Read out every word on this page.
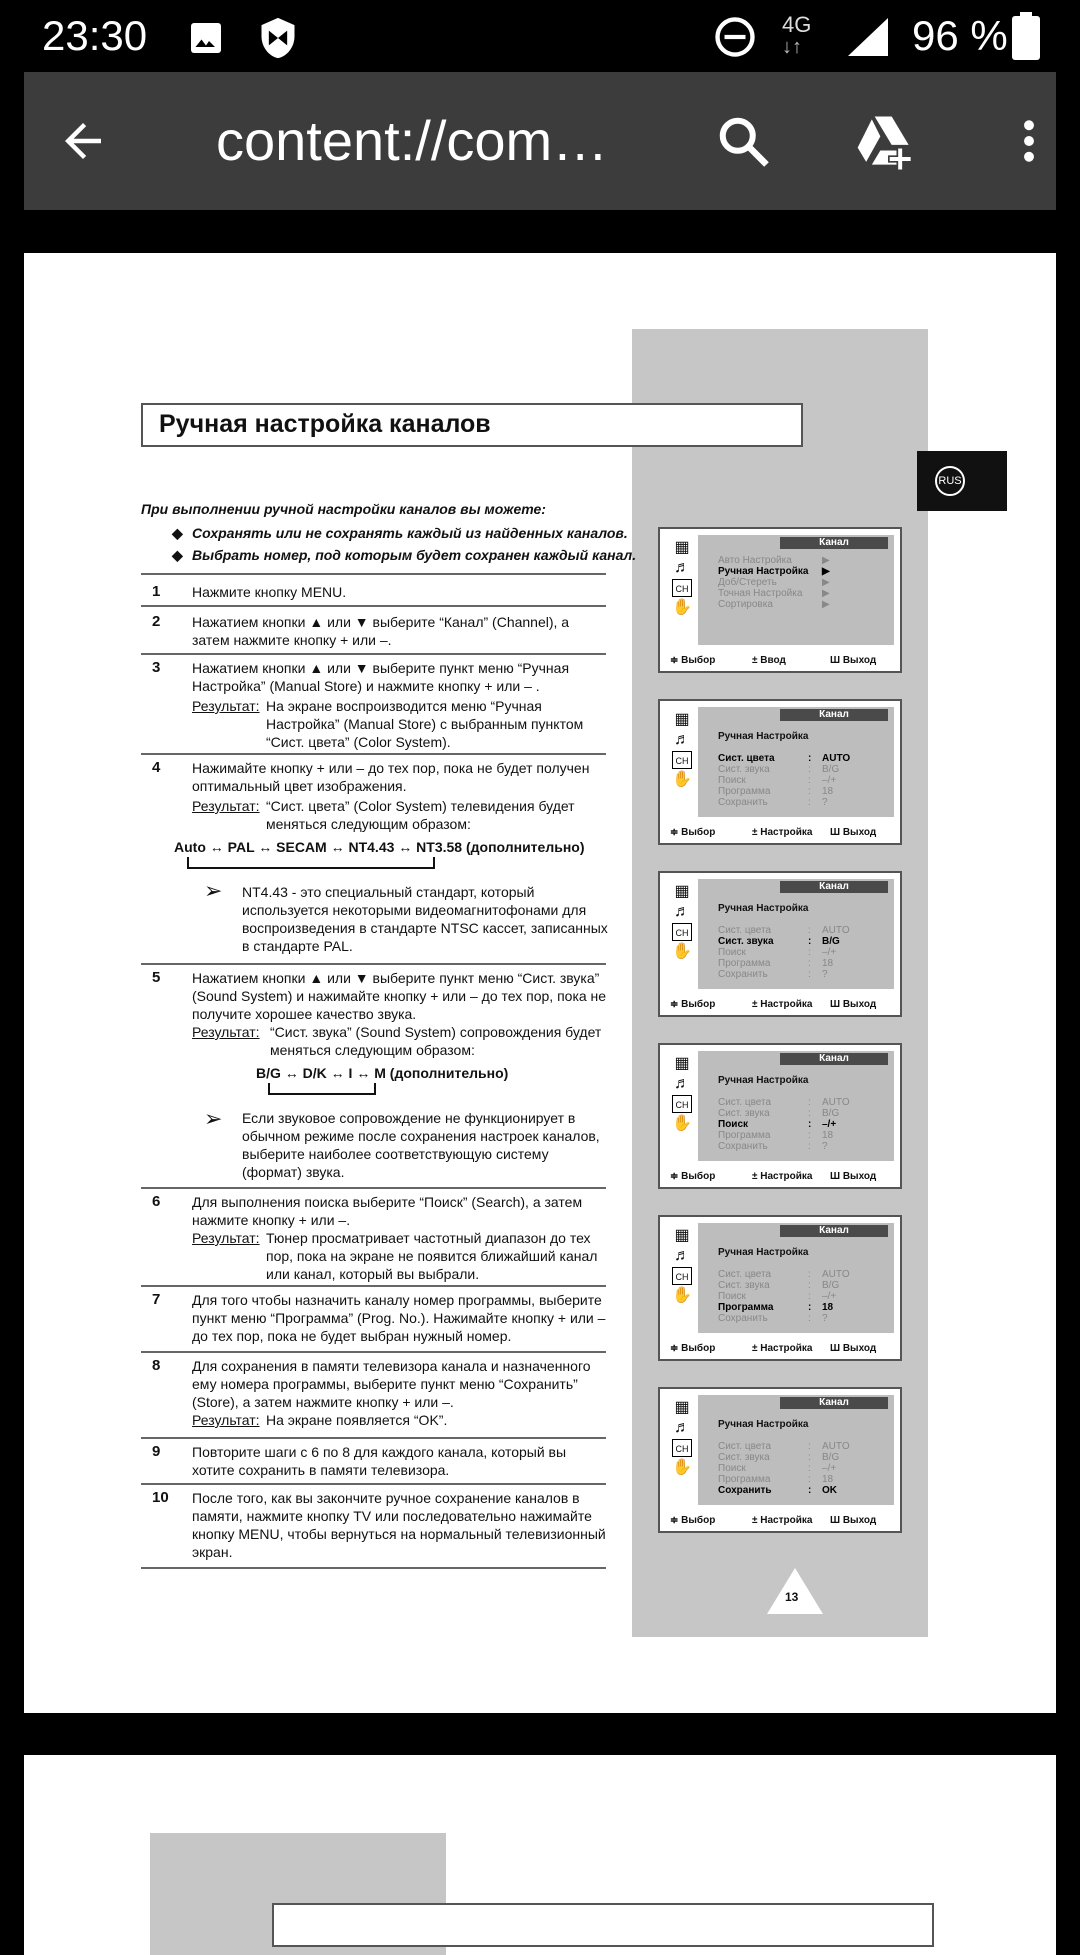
23:30	4G
↓↑	96 %
content://com…
Ручная настройка каналов
RUS
При выполнении ручной настройки каналов вы можете:
◆ Сохранять или не сохранять каждый из найденных каналов.
◆ Выбрать номер, под которым будет сохранен каждый канал.
1 Нажмите кнопку MENU.
2 Нажатием кнопки ▲ или ▼ выберите “Канал” (Channel), а затем нажмите кнопку + или –.
3 Нажатием кнопки ▲ или ▼ выберите пункт меню “Ручная Настройка” (Manual Store) и нажмите кнопку + или – .
Результат: На экране воспроизводится меню “Ручная Настройка” (Manual Store) с выбранным пунктом “Сист. цвета” (Color System).
4 Нажимайте кнопку + или – до тех пор, пока не будет получен оптимальный цвет изображения.
Результат: “Сист. цвета” (Color System) телевидения будет меняться следующим образом:
Auto ↔ PAL ↔ SECAM ↔ NT4.43 ↔ NT3.58 (дополнительно)
➢ NT4.43 - это специальный стандарт, который используется некоторыми видеомагнитофонами для воспроизведения в стандарте NTSC кассет, записанных в стандарте PAL.
5 Нажатием кнопки ▲ или ▼ выберите пункт меню “Сист. звука” (Sound System) и нажимайте кнопку + или – до тех пор, пока не получите хорошее качество звука.
Результат: “Сист. звука” (Sound System) сопровождения будет меняться следующим образом:
B/G ↔ D/K ↔ I ↔ M (дополнительно)
➢ Если звуковое сопровождение не функционирует в обычном режиме после сохранения настроек каналов, выберите наиболее соответствующую систему (формат) звука.
6 Для выполнения поиска выберите “Поиск” (Search), а затем нажмите кнопку + или –.
Результат: Тюнер просматривает частотный диапазон до тех пор, пока на экране не появится ближайший канал или канал, который вы выбрали.
7 Для того чтобы назначить каналу номер программы, выберите пункт меню “Программа” (Prog. No.). Нажимайте кнопку + или – до тех пор, пока не будет выбран нужный номер.
8 Для сохранения в памяти телевизора канала и назначенного ему номера программы, выберите пункт меню “Сохранить” (Store), а затем нажмите кнопку + или –.
Результат: На экране появляется “OK”.
9 Повторите шаги с 6 по 8 для каждого канала, который вы хотите сохранить в памяти телевизора.
10 После того, как вы закончите ручное сохранение каналов в памяти, нажмите кнопку TV или последовательно нажимайте кнопку MENU, чтобы вернуться на нормальный телевизионный экран.
13
Канал
Авто Настройка	▶
Ручная Настройка ▶
Доб/Стереть	▶
Точная Настройка ▶
Сортировка	▶
▦
♬
CH
✋
≑ Выбор	± Ввод	Ш Выход
Канал
Ручная Настройка
Сист. цвета	: AUTO
Сист. звука	: B/G
Поиск	: –/+
Программа	: 18
Сохранить	: ?
▦
♬
CH
✋
≑ Выбор	± Настройка Ш Выход
Канал
Ручная Настройка
Сист. цвета	: AUTO
Сист. звука	: B/G
Поиск	: –/+
Программа	: 18
Сохранить	: ?
▦
♬
CH
✋
≑ Выбор	± Настройка Ш Выход
Канал
Ручная Настройка
Сист. цвета	: AUTO
Сист. звука	: B/G
Поиск	: –/+
Программа	: 18
Сохранить	: ?
▦
♬
CH
✋
≑ Выбор	± Настройка Ш Выход
Канал
Ручная Настройка
Сист. цвета	: AUTO
Сист. звука	: B/G
Поиск	: –/+
Программа	: 18
Сохранить	: ?
▦
♬
CH
✋
≑ Выбор	± Настройка Ш Выход
Канал
Ручная Настройка
Сист. цвета	: AUTO
Сист. звука	: B/G
Поиск	: –/+
Программа	: 18
Сохранить	: OK
▦
♬
CH
✋
≑ Выбор	± Настройка Ш Выход
